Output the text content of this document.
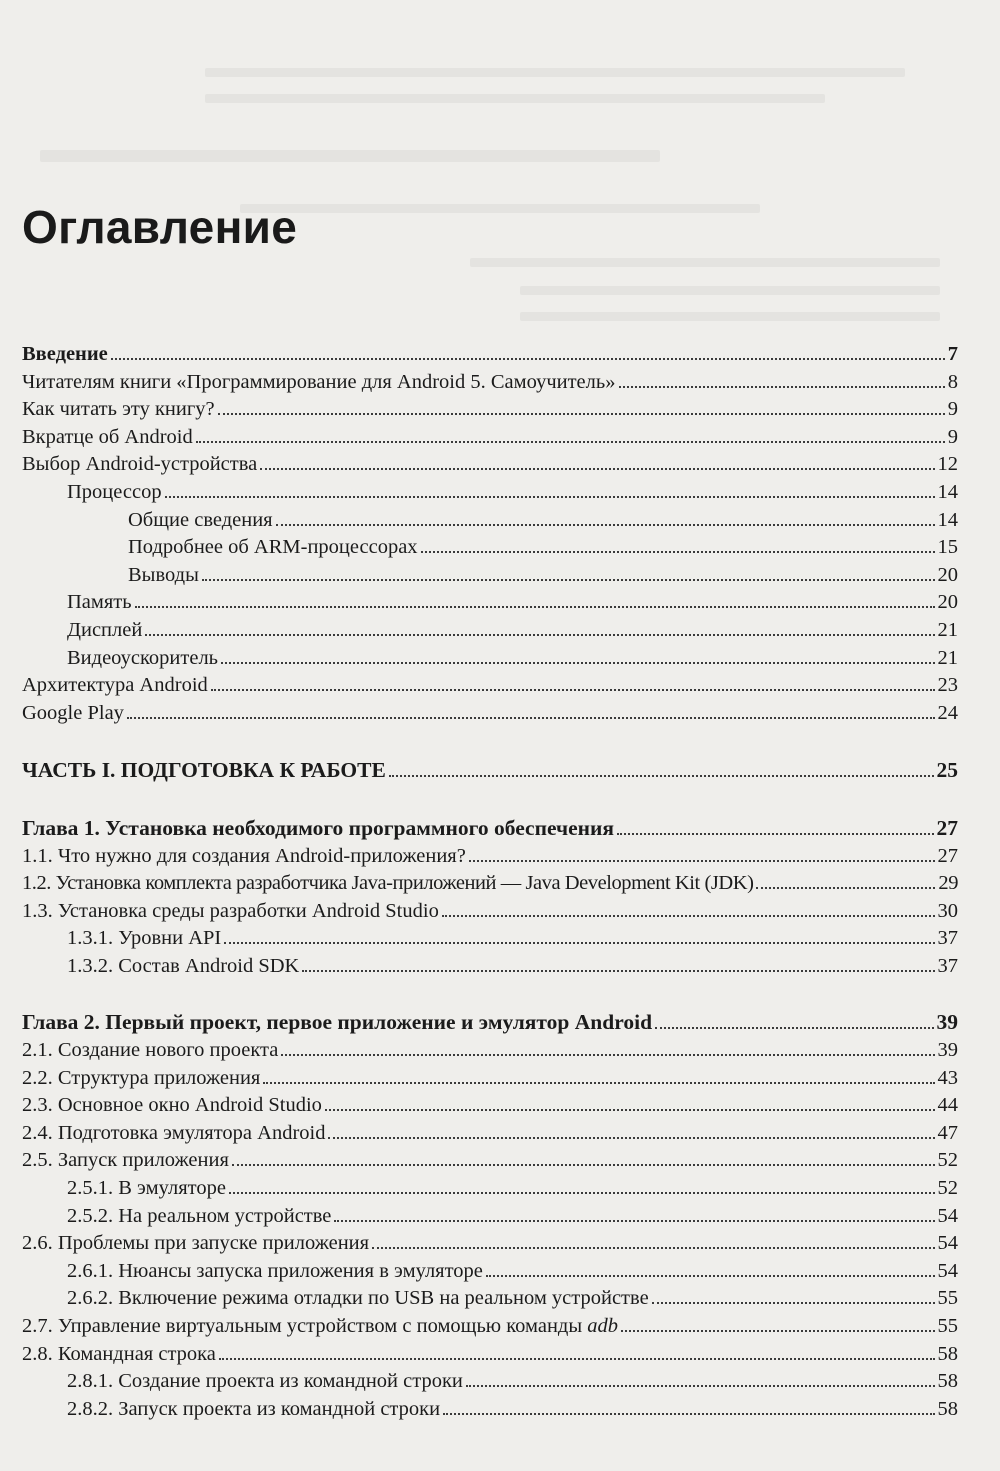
Оглавление
Введение	7
Читателям книги «Программирование для Android 5. Самоучитель»	8
Как читать эту книгу?	9
Вкратце об Android	9
Выбор Android-устройства	12
Процессор	14
Общие сведения	14
Подробнее об ARM-процессорах	15
Выводы	20
Память	20
Дисплей	21
Видеоускоритель	21
Архитектура Android	23
Google Play	24
ЧАСТЬ I. ПОДГОТОВКА К РАБОТЕ	25
Глава 1. Установка необходимого программного обеспечения	27
1.1. Что нужно для создания Android-приложения?	27
1.2. Установка комплекта разработчика Java-приложений — Java Development Kit (JDK)	29
1.3. Установка среды разработки Android Studio	30
1.3.1. Уровни API	37
1.3.2. Состав Android SDK	37
Глава 2. Первый проект, первое приложение и эмулятор Android	39
2.1. Создание нового проекта	39
2.2. Структура приложения	43
2.3. Основное окно Android Studio	44
2.4. Подготовка эмулятора Android	47
2.5. Запуск приложения	52
2.5.1. В эмуляторе	52
2.5.2. На реальном устройстве	54
2.6. Проблемы при запуске приложения	54
2.6.1. Нюансы запуска приложения в эмуляторе	54
2.6.2. Включение режима отладки по USB на реальном устройстве	55
2.7. Управление виртуальным устройством с помощью команды adb	55
2.8. Командная строка	58
2.8.1. Создание проекта из командной строки	58
2.8.2. Запуск проекта из командной строки	58
